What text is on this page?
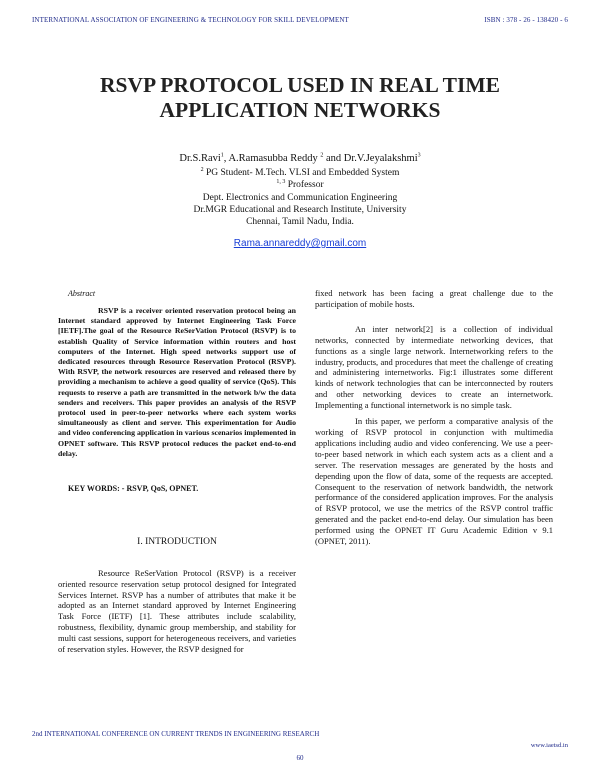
INTERNATIONAL ASSOCIATION OF ENGINEERING & TECHNOLOGY FOR SKILL DEVELOPMENT	ISBN : 378 - 26 - 138420 - 6
RSVP PROTOCOL USED IN REAL TIME
APPLICATION NETWORKS
Dr.S.Ravi$^1$, A.Ramasubba Reddy $^2$ and Dr.V.Jeyalakshmi$^3$
$^2$ PG Student- M.Tech. VLSI and Embedded System
$^{1, 3}$ Professor
Dept. Electronics and Communication Engineering
Dr.MGR Educational and Research Institute, University
Chennai, Tamil Nadu, India.
Rama.annareddy@gmail.com
Abstract

RSVP is a receiver oriented reservation protocol being an Internet standard approved by Internet Engineering Task Force [IETF].The goal of the Resource ReSerVation Protocol (RSVP) is to establish Quality of Service information within routers and host computers of the Internet. High speed networks support use of dedicated resources through Resource Reservation Protocol (RSVP). With RSVP, the network resources are reserved and released there by providing a mechanism to achieve a good quality of service (QoS). This requests to reserve a path are transmitted in the network b/w the data senders and receivers. This paper provides an analysis of the RSVP protocol used in peer-to-peer networks where each system works simultaneously as client and server. This experimentation for Audio and video conferencing application in various scenarios implemented in OPNET software. This RSVP protocol reduces the packet end-to-end delay.

KEY WORDS: - RSVP, QoS, OPNET.
I. INTRODUCTION

Resource ReSerVation Protocol (RSVP) is a receiver oriented resource reservation setup protocol designed for Integrated Services Internet. RSVP has a number of attributes that make it be adopted as an Internet standard approved by Internet Engineering Task Force (IETF) [1]. These attributes include scalability, robustness, flexibility, dynamic group membership, and stability for multi cast sessions, support for heterogeneous receivers, and varieties of reservation styles. However, the RSVP designed for

fixed network has been facing a great challenge due to the participation of mobile hosts.

An inter network[2] is a collection of individual networks, connected by intermediate networking devices, that functions as a single large network. Internetworking refers to the industry, products, and procedures that meet the challenge of creating and administering internetworks. Fig:1 illustrates some different kinds of network technologies that can be interconnected by routers and other networking devices to create an internetwork. Implementing a functional internetwork is no simple task.

In this paper, we perform a comparative analysis of the working of RSVP protocol in conjunction with multimedia applications including audio and video conferencing. We use a peer-to-peer based network in which each system acts as a client and a server. The reservation messages are generated by the hosts and depending upon the flow of data, some of the requests are accepted. Consequent to the reservation of network bandwidth, the network performance of the considered application improves. For the analysis of RSVP protocol, we use the metrics of the RSVP control traffic generated and the packet end-to-end delay. Our simulation has been performed using the OPNET IT Guru Academic Edition v 9.1 (OPNET, 2011).

2nd INTERNATIONAL CONFERENCE ON CURRENT TRENDS IN ENGINEERING RESEARCH
www.iaetsd.in
60
